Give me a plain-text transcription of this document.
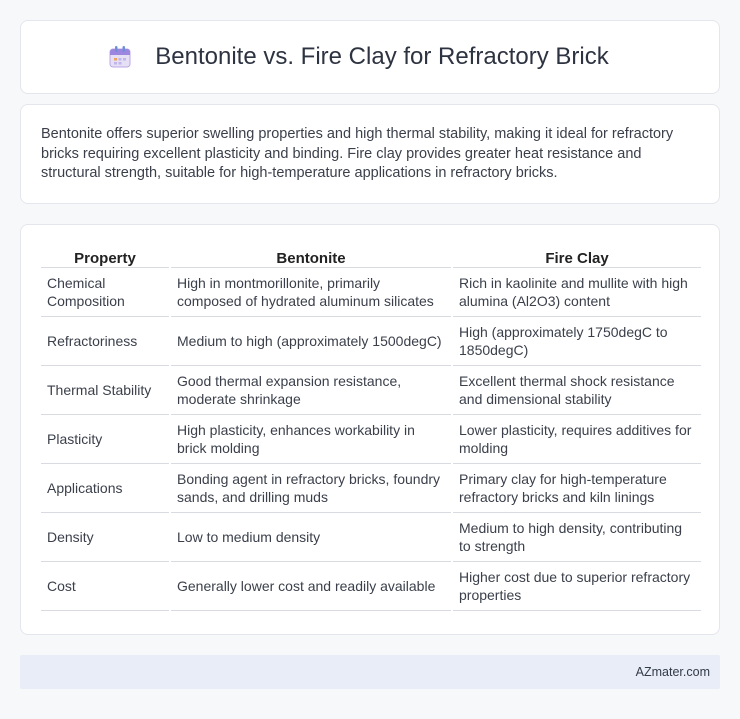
Bentonite vs. Fire Clay for Refractory Brick

Bentonite offers superior swelling properties and high thermal stability, making it ideal for refractory bricks requiring excellent plasticity and binding. Fire clay provides greater heat resistance and structural strength, suitable for high-temperature applications in refractory bricks.

Property	Bentonite	Fire Clay
Chemical Composition	High in montmorillonite, primarily composed of hydrated aluminum silicates	Rich in kaolinite and mullite with high alumina (Al2O3) content
Refractoriness	Medium to high (approximately 1500degC)	High (approximately 1750degC to 1850degC)
Thermal Stability	Good thermal expansion resistance, moderate shrinkage	Excellent thermal shock resistance and dimensional stability
Plasticity	High plasticity, enhances workability in brick molding	Lower plasticity, requires additives for molding
Applications	Bonding agent in refractory bricks, foundry sands, and drilling muds	Primary clay for high-temperature refractory bricks and kiln linings
Density	Low to medium density	Medium to high density, contributing to strength
Cost	Generally lower cost and readily available	Higher cost due to superior refractory properties
AZmater.com
